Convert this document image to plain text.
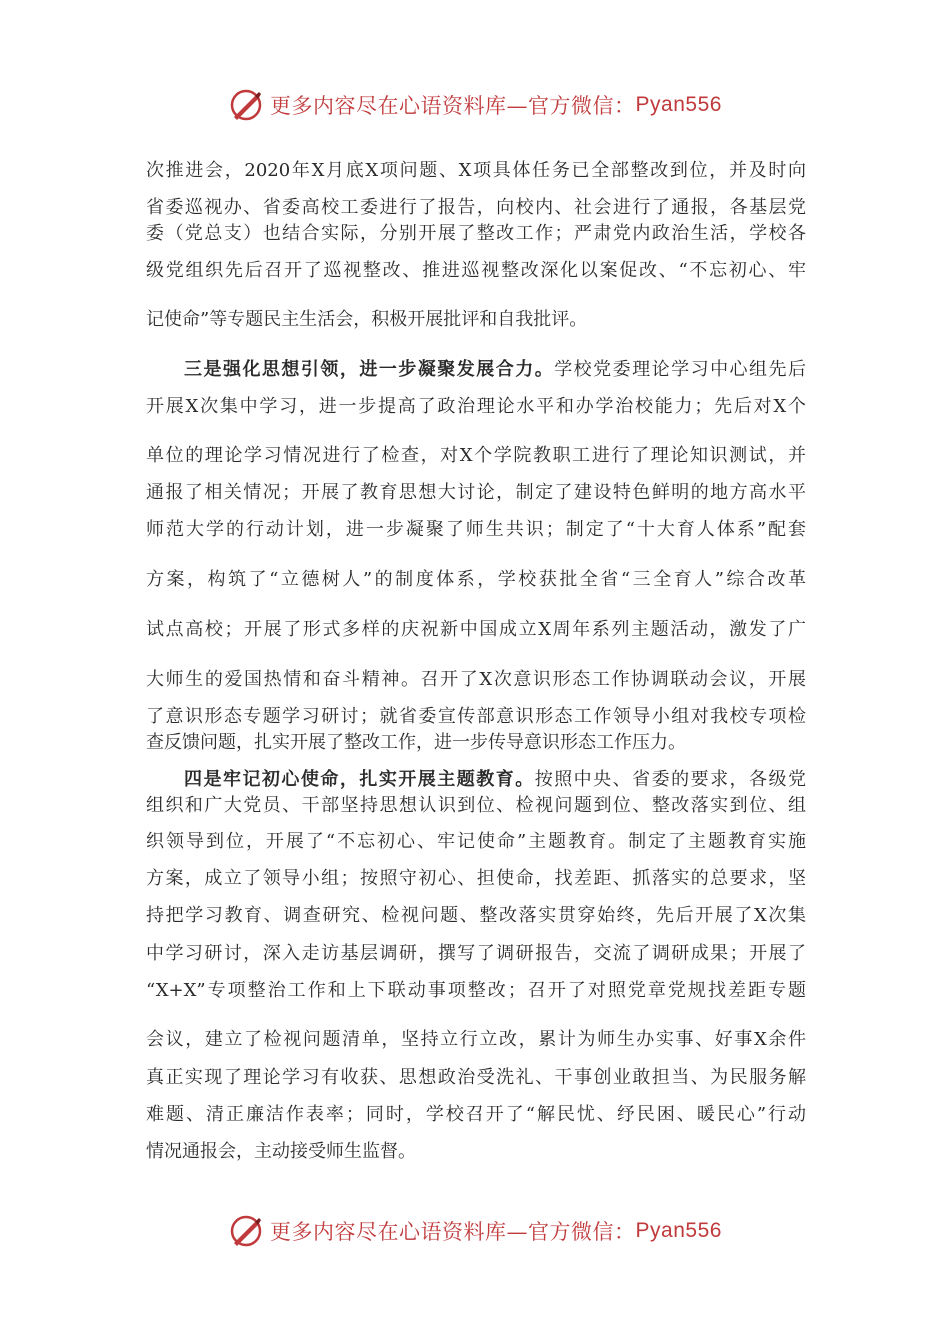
更多内容尽在心语资料库—官方微信： Pyan556
次推进会，2020年X月底X项问题、X项具体任务已全部整改到位，并及时向
省委巡视办、省委高校工委进行了报告，向校内、社会进行了通报，各基层党
委（党总支）也结合实际，分别开展了整改工作；严肃党内政治生活，学校各
级党组织先后召开了巡视整改、推进巡视整改深化以案促改、“不忘初心、牢
记使命”等专题民主生活会，积极开展批评和自我批评。
三是强化思想引领，进一步凝聚发展合力。学校党委理论学习中心组先后
开展X次集中学习，进一步提高了政治理论水平和办学治校能力；先后对X个
单位的理论学习情况进行了检查，对X个学院教职工进行了理论知识测试，并
通报了相关情况；开展了教育思想大讨论，制定了建设特色鲜明的地方高水平
师范大学的行动计划，进一步凝聚了师生共识；制定了“十大育人体系”配套
方案，构筑了“立德树人”的制度体系，学校获批全省“三全育人”综合改革
试点高校；开展了形式多样的庆祝新中国成立X周年系列主题活动，激发了广
大师生的爱国热情和奋斗精神。召开了X次意识形态工作协调联动会议，开展
了意识形态专题学习研讨；就省委宣传部意识形态工作领导小组对我校专项检
查反馈问题，扎实开展了整改工作，进一步传导意识形态工作压力。
四是牢记初心使命，扎实开展主题教育。按照中央、省委的要求，各级党
组织和广大党员、干部坚持思想认识到位、检视问题到位、整改落实到位、组
织领导到位，开展了“不忘初心、牢记使命”主题教育。制定了主题教育实施
方案，成立了领导小组；按照守初心、担使命，找差距、抓落实的总要求，坚
持把学习教育、调查研究、检视问题、整改落实贯穿始终，先后开展了X次集
中学习研讨，深入走访基层调研，撰写了调研报告，交流了调研成果；开展了
“X+X”专项整治工作和上下联动事项整改；召开了对照党章党规找差距专题
会议，建立了检视问题清单，坚持立行立改，累计为师生办实事、好事X余件
真正实现了理论学习有收获、思想政治受洗礼、干事创业敢担当、为民服务解
难题、清正廉洁作表率；同时，学校召开了“解民忧、纾民困、暖民心”行动
情况通报会，主动接受师生监督。
更多内容尽在心语资料库—官方微信： Pyan556
